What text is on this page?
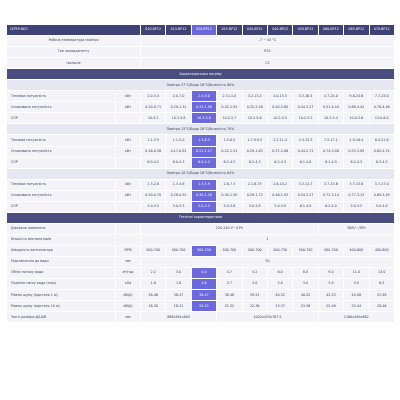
СЕРІЯ NEO		010-BP12	015-BP12	020-BP12	025-BP12	030-BP12	040-BP12	050-BP12	060-BP12	065-BP12	070-BP12
Робоча температура повітря		-7 ~ 43 °C									
Тип холодоагенту		R32									
Ізоляція		C2									
Характеристики нагріву											
Повітря 27°C/Вода 26°C/Вологість 80%											
Теплова потужність	кВт	2.0-3.4	2.0-7.0	2.4-9.0	2.3-11.0	3.2-13.2	4.0-15.5	4.3-18.4	4.7-24.0	9.8-24.6	7.7-25.0
Споживана потужність	кВт	0.20-0.71	0.20-1.31	0.25-1.58	0.25-1.92	0.32-2.26	0.40-2.80	0.44-3.27	0.51-4.44	0.88-4.42	0.78-4.46
COP		10-5.2	10.3-5.8	10.3-5.8	10.2-5.7	10.2-5.6	10.2-5.5	10.2-5.5	10.2-5.4	10.0-5.6	13.0-6.0
Повітря 15°C/Вода 26°C/Вологість 70%											
Теплова потужність	кВт	1.1-3.9	1.1-5.0	1.3-6.5	1.5-8.5	1.7-9.9.5	2.2-11.4	4.4-13.5	7.2-17.1	2.9-16.4	6.4-21.8
Споживана потужність	кВт	0.16-0.58	0.17-0.81	0.21-1.17	0.25-1.31	0.29-1.63	0.37-2.06	0.44-2.71	0.74-3.48	0.55-3.09	0.85-4.74
COP		6.0-4.2	6.0-4.3	6.0-4.2	6.2-4.3	6.2-4.3	6.2-4.3	6.1-4.8	6.1-4.9	6.2-4.3	6.3-4.5
Повітря 10°C/Вода 26°C/Вологість 64%											
Теплова потужність	кВт	1.3-2.6	1.3-4.6	1.3-5.9	1.6-7.3	2.1-8.75	2.6-10.2	3.3-11.7	3.7-15.6	3.7-15.6	5.7-17.0
Споживана потужність	кВт	0.30-0.70	0.28-0.91	0.30-1.26	0.30-1.50	0.29-1.72	0.46-1.93	0.54-2.27	0.72-3.14	0.77-3.13	0.69-3.49
COP		5.0-3.5	5.0-3.5	5.0-3.5	5.0-3.8	5.0-3.8	5.0-3.9	6.1-4.0	6.2-4.0	5.0-3.5	5.0-4.8
Технічні характеристики											
Джерело живлення		220-240 V~/1Ph							380V~/3Ph		
Кількість вентиляторів		1									
Швидкість вентилятора	RPM	500-700	500-700	500-700	500-700	500-700	500-750	500-750	500-700	400-800	400-800
Підключення до води	мм	50									
Об'єм потоку води	м³/год	2.2	3.0	4.0	4.7	5.2	6.0	8.0	9.0	11.0	13.0
Падіння тиску води (max)	кПа	1.8	1.8	2.8	2.7	3.0	3.0	3.0	3.0	5.0	6.5
Рівень шуму (відстань 1 м)	dB(A)	38-46	38-47	38-47	38-48	39-51	40-52	40-52	42-53	44-58	47-58
Рівень шуму (відстань 10 м)	dB(A)	18-30	18-31	20-32	22-32	22-36	23-37	23-36	25-46	25-44	28-46
Чисті розміри Д/Ш/В	мм	888x361x605			1002x453x767.5				1160x490x862		
